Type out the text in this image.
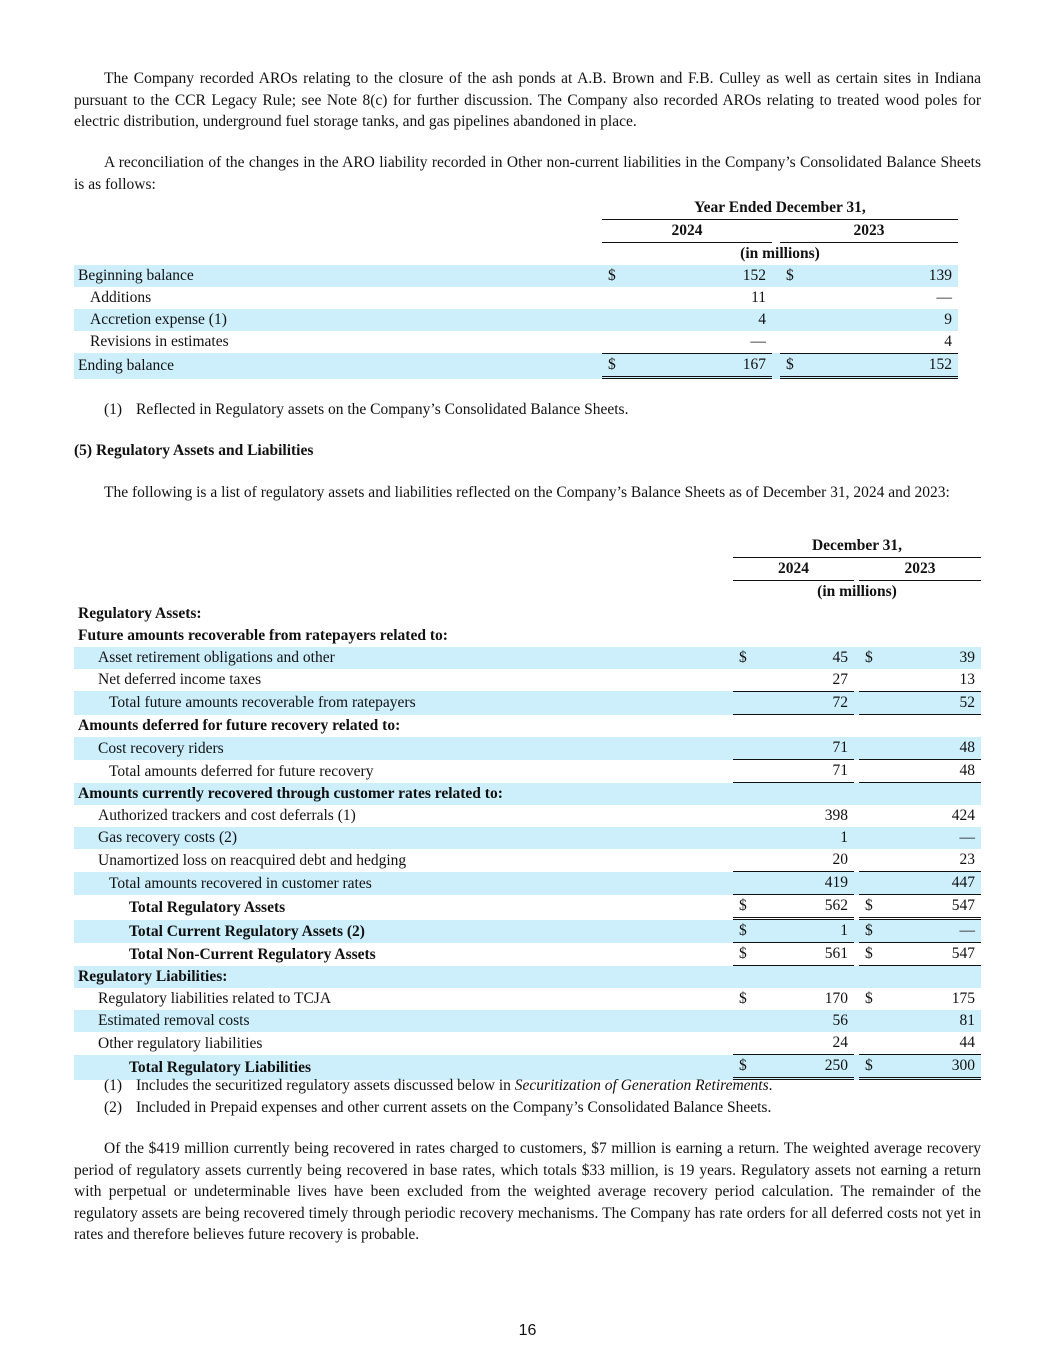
The Company recorded AROs relating to the closure of the ash ponds at A.B. Brown and F.B. Culley as well as certain sites in Indiana pursuant to the CCR Legacy Rule; see Note 8(c) for further discussion. The Company also recorded AROs relating to treated wood poles for electric distribution, underground fuel storage tanks, and gas pipelines abandoned in place.

A reconciliation of the changes in the ARO liability recorded in Other non-current liabilities in the Company’s Consolidated Balance Sheets is as follows:

	Year Ended December 31,				
	2024			2023	
	(in millions)				
Beginning balance	$	152		$	139
Additions		11			—
Accretion expense (1)		4			9
Revisions in estimates		—			4
Ending balance	$	167		$	152
(1) Reflected in Regulatory assets on the Company’s Consolidated Balance Sheets.
(5) Regulatory Assets and Liabilities

The following is a list of regulatory assets and liabilities reflected on the Company’s Balance Sheets as of December 31, 2024 and 2023:

	December 31,				
	2024			2023	
	(in millions)				
Regulatory Assets:					
Future amounts recoverable from ratepayers related to:					
Asset retirement obligations and other	$	45		$	39
Net deferred income taxes		27			13
Total future amounts recoverable from ratepayers		72			52
Amounts deferred for future recovery related to:					
Cost recovery riders		71			48
Total amounts deferred for future recovery		71			48
Amounts currently recovered through customer rates related to:					
Authorized trackers and cost deferrals (1)		398			424
Gas recovery costs (2)		1			—
Unamortized loss on reacquired debt and hedging		20			23
Total amounts recovered in customer rates		419			447
Total Regulatory Assets	$	562		$	547
Total Current Regulatory Assets (2)	$	1		$	—
Total Non-Current Regulatory Assets	$	561		$	547
Regulatory Liabilities:					
Regulatory liabilities related to TCJA	$	170		$	175
Estimated removal costs		56			81
Other regulatory liabilities		24			44
Total Regulatory Liabilities	$	250		$	300
(1) Includes the securitized regulatory assets discussed below in Securitization of Generation Retirements.
(2) Included in Prepaid expenses and other current assets on the Company’s Consolidated Balance Sheets.

Of the $419 million currently being recovered in rates charged to customers, $7 million is earning a return. The weighted average recovery period of regulatory assets currently being recovered in base rates, which totals $33 million, is 19 years. Regulatory assets not earning a return with perpetual or undeterminable lives have been excluded from the weighted average recovery period calculation. The remainder of the regulatory assets are being recovered timely through periodic recovery mechanisms. The Company has rate orders for all deferred costs not yet in rates and therefore believes future recovery is probable.

16
